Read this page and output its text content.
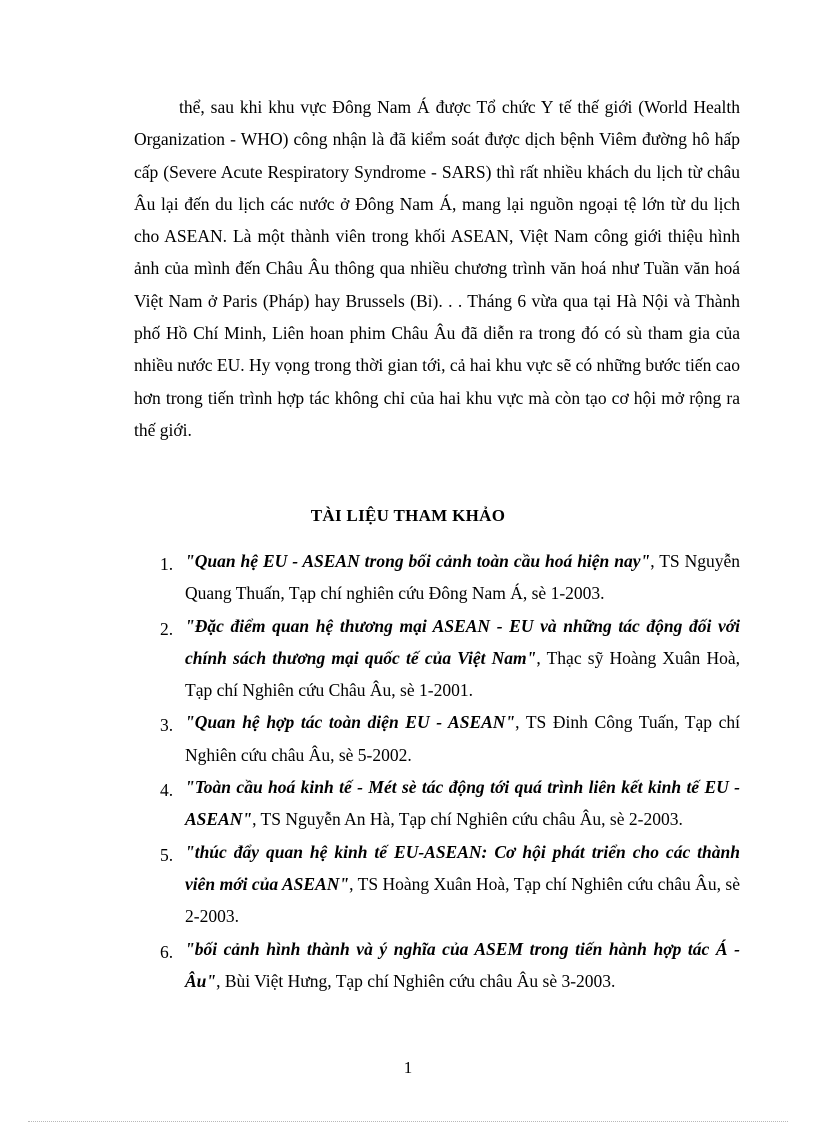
thể, sau khi khu vực Đông Nam Á được Tổ chức Y tế thế giới (World Health Organization - WHO) công nhận là đã kiểm soát được dịch bệnh Viêm đường hô hấp cấp (Severe Acute Respiratory Syndrome - SARS) thì rất nhiều khách du lịch từ châu Âu lại đến du lịch các nước ở Đông Nam Á, mang lại nguồn ngoại tệ lớn từ du lịch cho ASEAN. Là một thành viên trong khối ASEAN, Việt Nam công giới thiệu hình ảnh của mình đến Châu Âu thông qua nhiều chương trình văn hoá như Tuần văn hoá Việt Nam ở Paris (Pháp) hay Brussels (Bỉ). . . Tháng 6 vừa qua tại Hà Nội và Thành phố Hồ Chí Minh, Liên hoan phim Châu Âu đã diễn ra trong đó có sù tham gia của nhiều nước EU. Hy vọng trong thời gian tới, cả hai khu vực sẽ có những bước tiến cao hơn trong tiến trình hợp tác không chỉ của hai khu vực mà còn tạo cơ hội mở rộng ra thế giới.

TÀI LIỆU THAM KHẢO
1. "Quan hệ EU - ASEAN trong bối cảnh toàn cầu hoá hiện nay", TS Nguyễn Quang Thuấn, Tạp chí nghiên cứu Đông Nam Á, sè 1-2003.
2. "Đặc điểm quan hệ thương mại ASEAN - EU và những tác động đối với chính sách thương mại quốc tế của Việt Nam", Thạc sỹ Hoàng Xuân Hoà, Tạp chí Nghiên cứu Châu Âu, sè 1-2001.
3. "Quan hệ hợp tác toàn diện EU - ASEAN", TS Đinh Công Tuấn, Tạp chí Nghiên cứu châu Âu, sè 5-2002.
4. "Toàn cầu hoá kinh tế - Mét sè tác động tới quá trình liên kết kinh tế EU - ASEAN", TS Nguyễn An Hà, Tạp chí Nghiên cứu châu Âu, sè 2-2003.
5. "thúc đẩy quan hệ kinh tế EU-ASEAN: Cơ hội phát triển cho các thành viên mới của ASEAN", TS Hoàng Xuân Hoà, Tạp chí Nghiên cứu châu Âu, sè 2-2003.
6. "bối cảnh hình thành và ý nghĩa của ASEM trong tiến hành hợp tác Á - Âu", Bùi Việt Hưng, Tạp chí Nghiên cứu châu Âu sè 3-2003.
1
